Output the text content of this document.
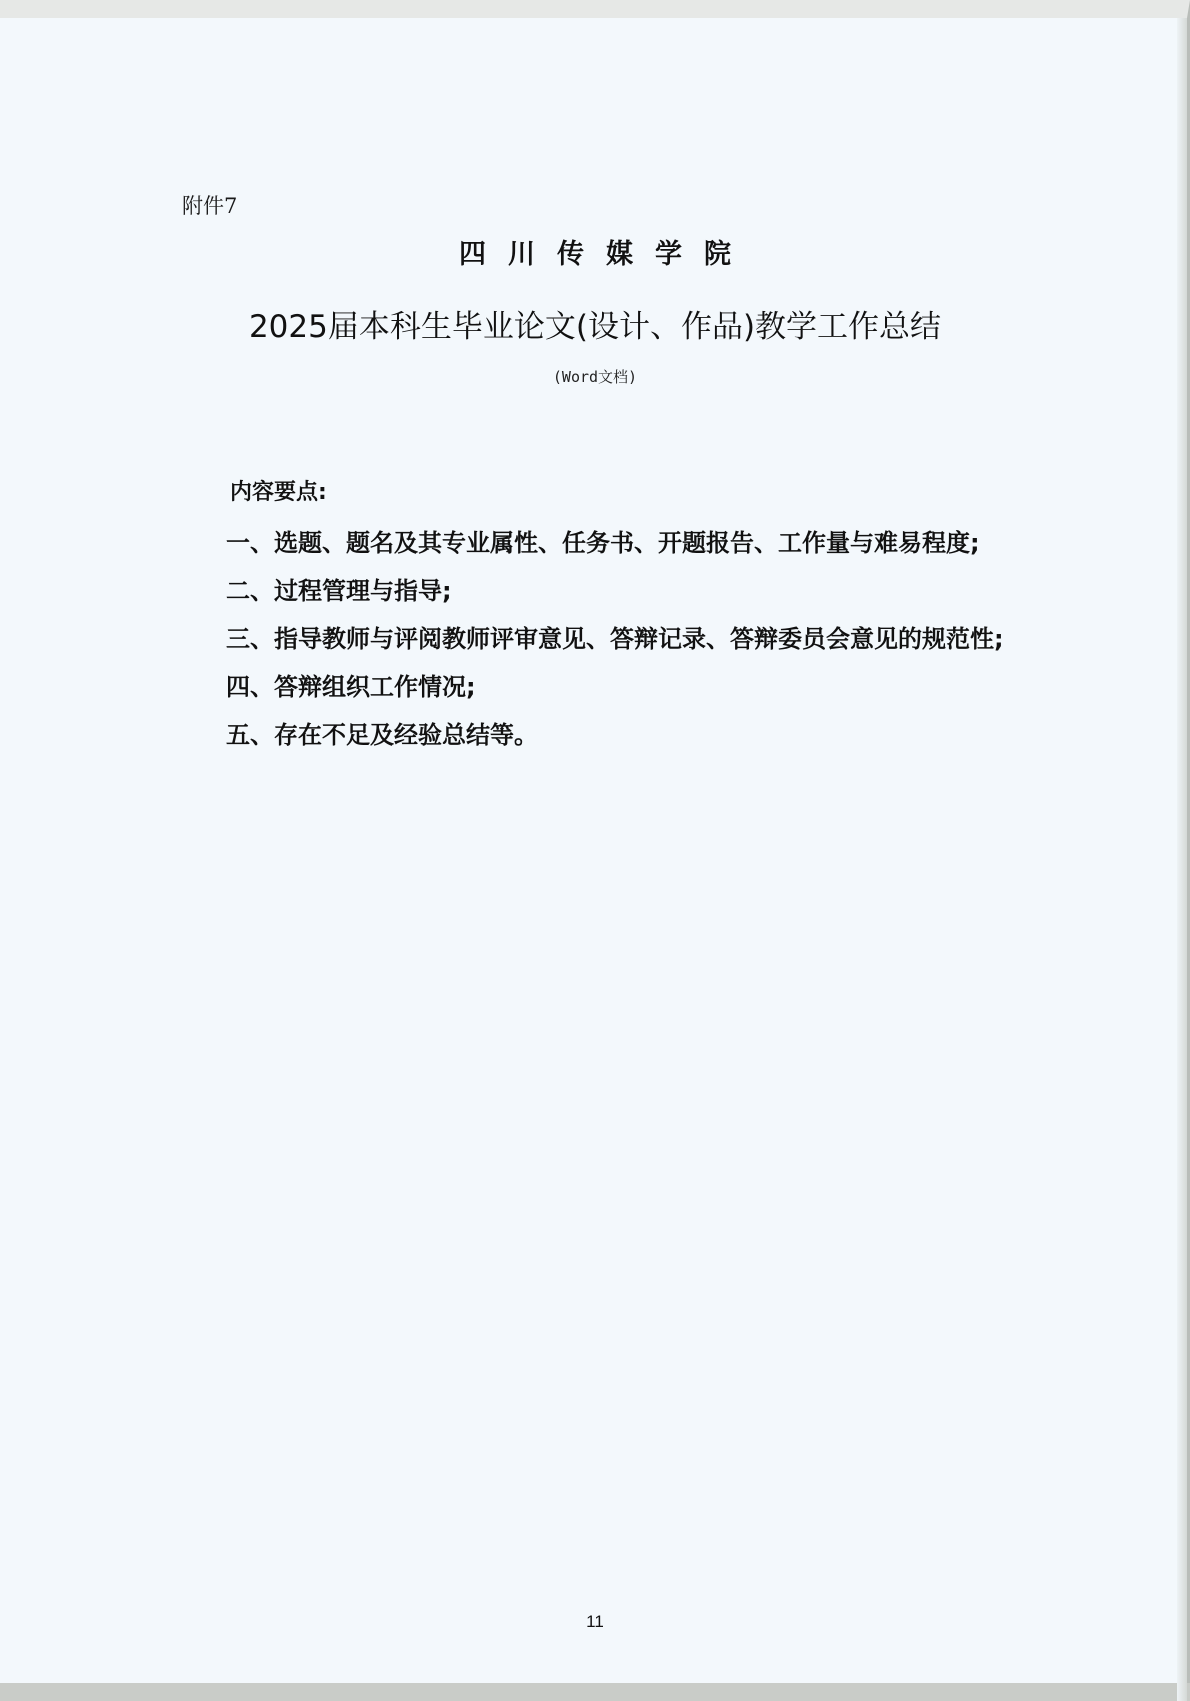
附件7
四川传媒学院
2025届本科生毕业论文(设计、作品)教学工作总结
(Word文档)
内容要点:
一、选题、题名及其专业属性、任务书、开题报告、工作量与难易程度;
二、过程管理与指导;
三、指导教师与评阅教师评审意见、答辩记录、答辩委员会意见的规范性;
四、答辩组织工作情况;
五、存在不足及经验总结等。
11
